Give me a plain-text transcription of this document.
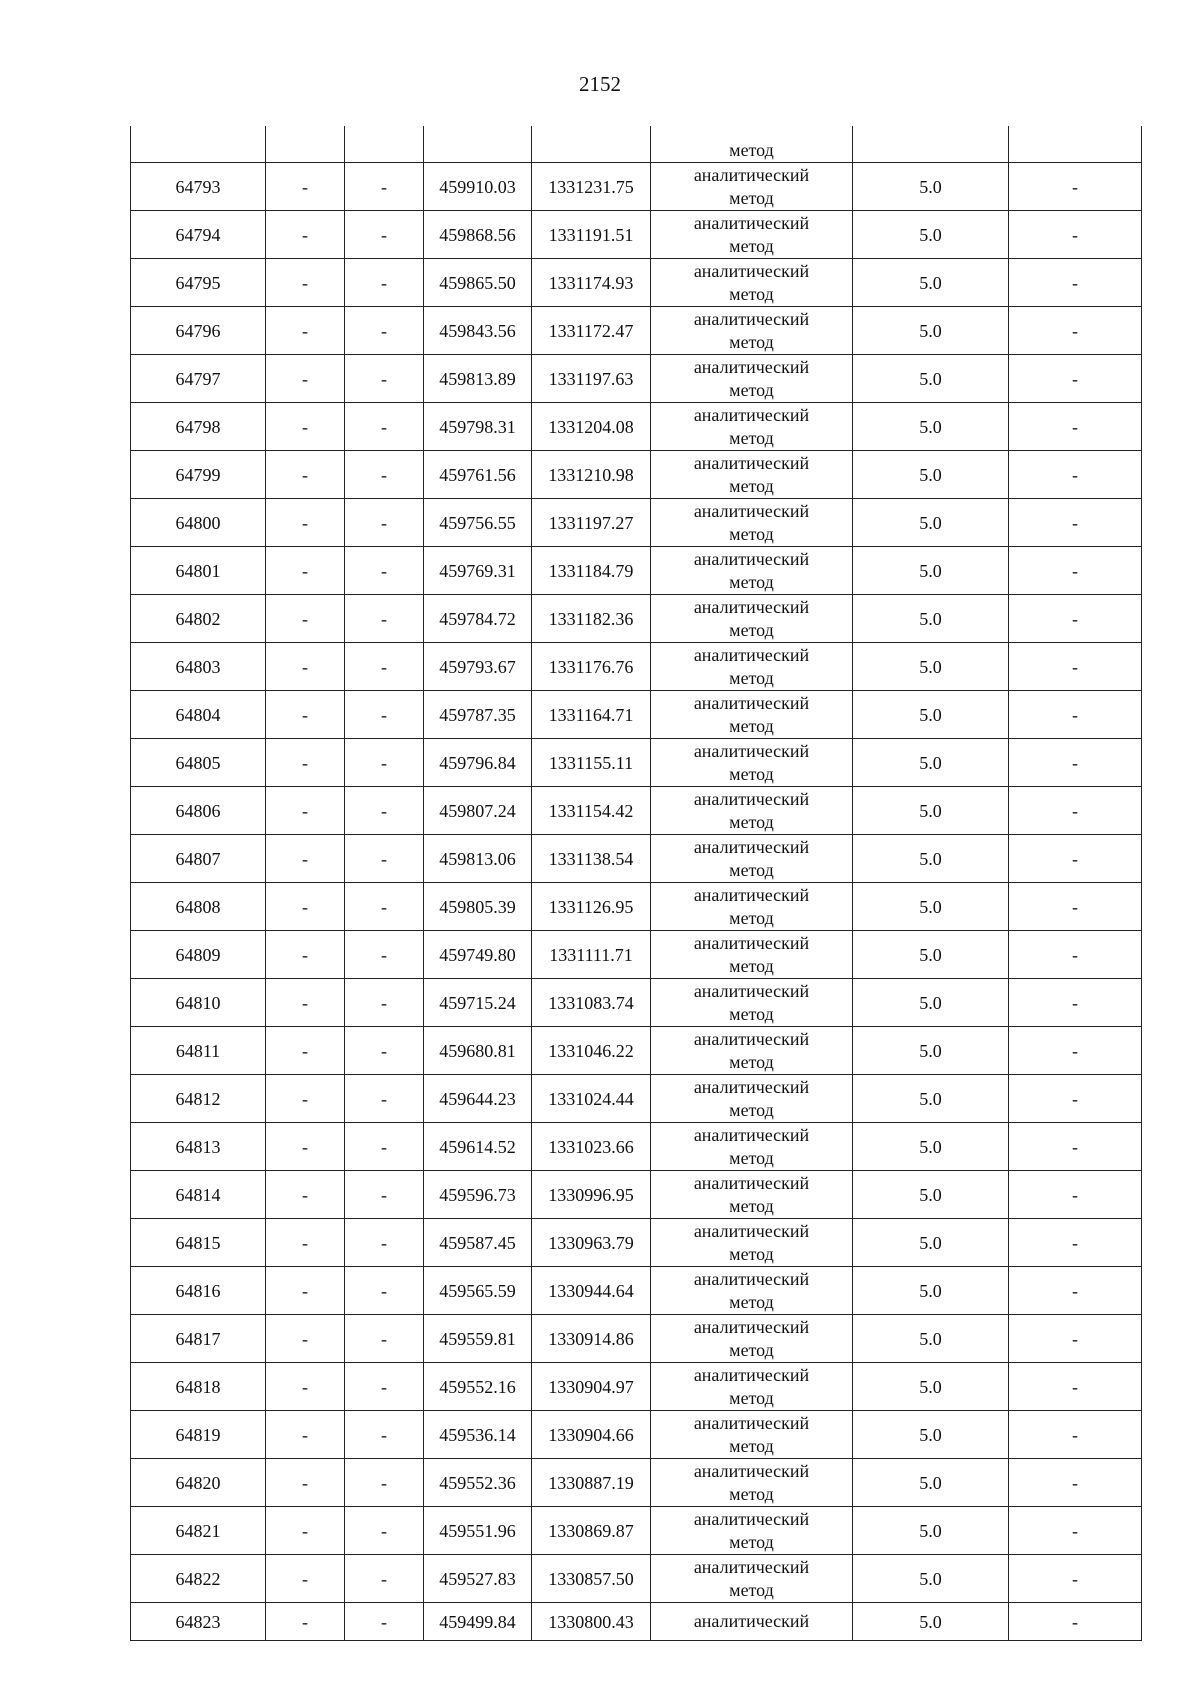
2152

					метод		

64793	-	-	459910.03	1331231.75	аналитический
метод	5.0	-
64794	-	-	459868.56	1331191.51	аналитический
метод	5.0	-
64795	-	-	459865.50	1331174.93	аналитический
метод	5.0	-
64796	-	-	459843.56	1331172.47	аналитический
метод	5.0	-
64797	-	-	459813.89	1331197.63	аналитический
метод	5.0	-
64798	-	-	459798.31	1331204.08	аналитический
метод	5.0	-
64799	-	-	459761.56	1331210.98	аналитический
метод	5.0	-
64800	-	-	459756.55	1331197.27	аналитический
метод	5.0	-
64801	-	-	459769.31	1331184.79	аналитический
метод	5.0	-
64802	-	-	459784.72	1331182.36	аналитический
метод	5.0	-
64803	-	-	459793.67	1331176.76	аналитический
метод	5.0	-
64804	-	-	459787.35	1331164.71	аналитический
метод	5.0	-
64805	-	-	459796.84	1331155.11	аналитический
метод	5.0	-
64806	-	-	459807.24	1331154.42	аналитический
метод	5.0	-
64807	-	-	459813.06	1331138.54	аналитический
метод	5.0	-
64808	-	-	459805.39	1331126.95	аналитический
метод	5.0	-
64809	-	-	459749.80	1331111.71	аналитический
метод	5.0	-
64810	-	-	459715.24	1331083.74	аналитический
метод	5.0	-
64811	-	-	459680.81	1331046.22	аналитический
метод	5.0	-
64812	-	-	459644.23	1331024.44	аналитический
метод	5.0	-
64813	-	-	459614.52	1331023.66	аналитический
метод	5.0	-
64814	-	-	459596.73	1330996.95	аналитический
метод	5.0	-
64815	-	-	459587.45	1330963.79	аналитический
метод	5.0	-
64816	-	-	459565.59	1330944.64	аналитический
метод	5.0	-
64817	-	-	459559.81	1330914.86	аналитический
метод	5.0	-
64818	-	-	459552.16	1330904.97	аналитический
метод	5.0	-
64819	-	-	459536.14	1330904.66	аналитический
метод	5.0	-
64820	-	-	459552.36	1330887.19	аналитический
метод	5.0	-
64821	-	-	459551.96	1330869.87	аналитический
метод	5.0	-
64822	-	-	459527.83	1330857.50	аналитический
метод	5.0	-
64823	-	-	459499.84	1330800.43	аналитический	5.0	-
